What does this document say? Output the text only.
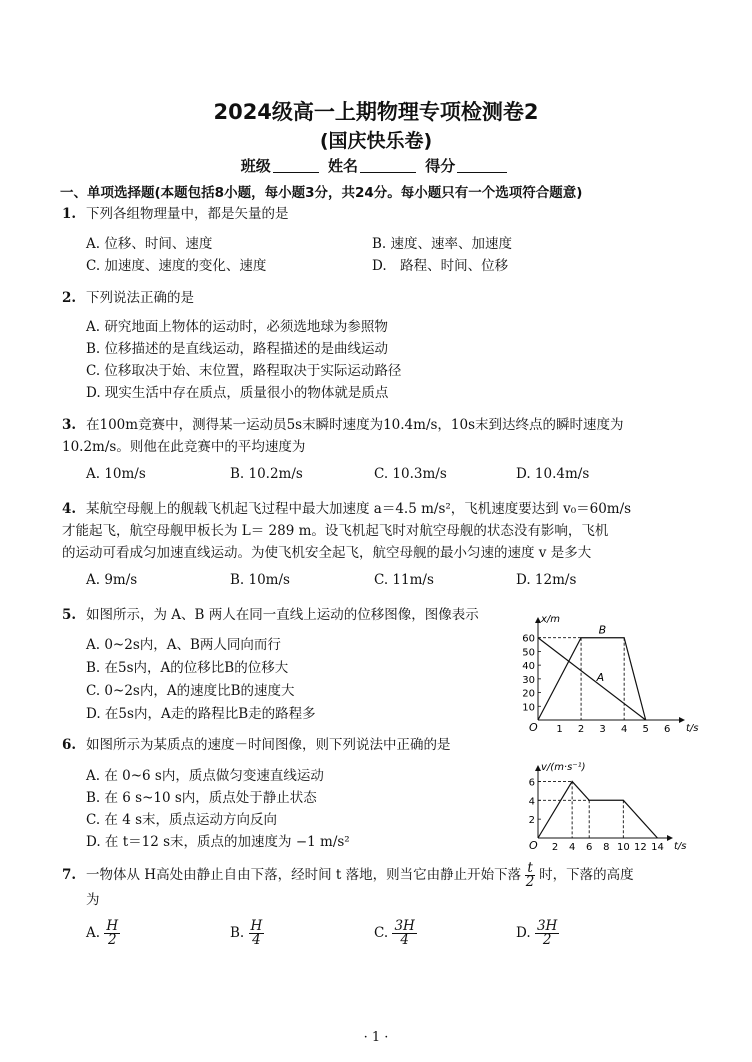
2024级高一上期物理专项检测卷2
(国庆快乐卷)
班级	姓名	得分
一、单项选择题(本题包括8小题，每小题3分，共24分。每小题只有一个选项符合题意)
1. 下列各组物理量中，都是矢量的是
A. 位移、时间、速度	B. 速度、速率、加速度
C. 加速度、速度的变化、速度	D.　路程、时间、位移
2. 下列说法正确的是
A. 研究地面上物体的运动时，必须选地球为参照物
B. 位移描述的是直线运动，路程描述的是曲线运动
C. 位移取决于始、末位置，路程取决于实际运动路径
D. 现实生活中存在质点，质量很小的物体就是质点
3. 在100m竞赛中，测得某一运动员5s末瞬时速度为10.4m/s，10s末到达终点的瞬时速度为
10.2m/s。则他在此竞赛中的平均速度为
A. 10m/s	B. 10.2m/s	C. 10.3m/s	D. 10.4m/s
4. 某航空母舰上的舰载飞机起飞过程中最大加速度 a＝4.5 m/s²，飞机速度要达到 v₀＝60m/s
才能起飞，航空母舰甲板长为 L＝ 289 m。设飞机起飞时对航空母舰的状态没有影响，飞机
的运动可看成匀加速直线运动。为使飞机安全起飞，航空母舰的最小匀速的速度 v 是多大
A. 9m/s	B. 10m/s	C. 11m/s	D. 12m/s
5. 如图所示，为 A、B 两人在同一直线上运动的位移图像，图像表示
A. 0~2s内，A、B两人同向而行
B. 在5s内，A的位移比B的位移大
C. 0~2s内，A的速度比B的速度大
D. 在5s内，A走的路程比B走的路程多
O	t/s
x/m
1 2 3 4 5 6
10
20
30
40
50
60
B
A
6. 如图所示为某质点的速度－时间图像，则下列说法中正确的是
A. 在 0~6 s内，质点做匀变速直线运动
B. 在 6 s~10 s内，质点处于静止状态
C. 在 4 s末，质点运动方向反向
D. 在 t＝12 s末，质点的加速度为 −1 m/s²	O	t/s
v/(m·s⁻¹)
2 4 6 8 10 12 14
2
4
6
7. 一物体从 H高处由静止自由下落，经时间 t 落地，则当它由静止开始下落 $\frac{t}{2}$ 时，下落的高度
为
A. $\frac{H}{2}$	B. $\frac{H}{4}$	C. $\frac{3H}{4}$	D. $\frac{3H}{2}$
· 1 ·
